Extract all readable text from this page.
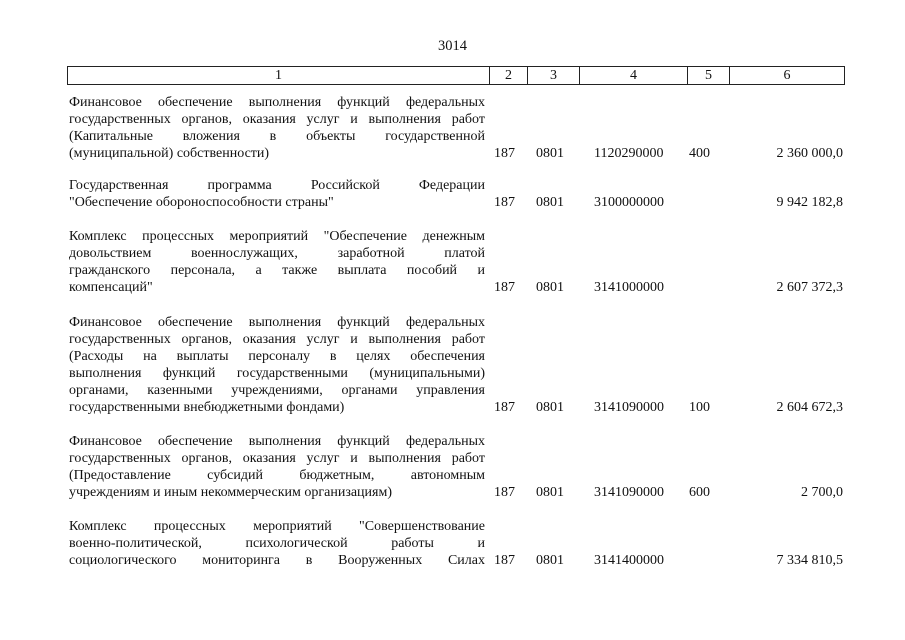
3014
1	2	3	4	5	6
Финансовое обеспечение выполнения функций федеральных
государственных органов, оказания услуг и выполнения работ
(Капитальные вложения в объекты государственной
(муниципальной) собственности)	187 0801 1120290000 400	2 360 000,0
Государственная программа Российской Федерации
"Обеспечение обороноспособности страны"	187 0801 3100000000	9 942 182,8
Комплекс процессных мероприятий "Обеспечение денежным
довольствием военнослужащих, заработной платой
гражданского персонала, а также выплата пособий и
компенсаций"	187 0801 3141000000	2 607 372,3
Финансовое обеспечение выполнения функций федеральных
государственных органов, оказания услуг и выполнения работ
(Расходы на выплаты персоналу в целях обеспечения
выполнения функций государственными (муниципальными)
органами, казенными учреждениями, органами управления
государственными внебюджетными фондами)	187 0801 3141090000 100	2 604 672,3
Финансовое обеспечение выполнения функций федеральных
государственных органов, оказания услуг и выполнения работ
(Предоставление субсидий бюджетным, автономным
учреждениям и иным некоммерческим организациям)	187 0801 3141090000 600	2 700,0
Комплекс процессных мероприятий "Совершенствование
военно-политической, психологической работы и
социологического мониторинга в Вооруженных Силах 187 0801 3141400000	7 334 810,5
